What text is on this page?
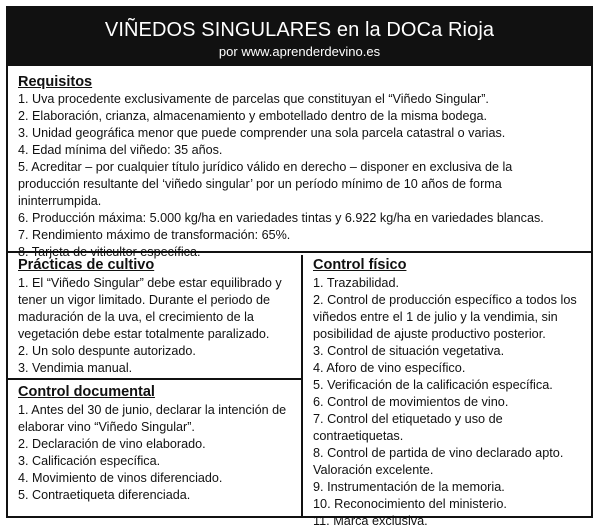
VIÑEDOS SINGULARES en la DOCa Rioja
por www.aprenderdevino.es
Requisitos
1. Uva procedente exclusivamente de parcelas que constituyan el “Viñedo Singular”.
2. Elaboración, crianza, almacenamiento y embotellado dentro de la misma bodega.
3. Unidad geográfica menor que puede comprender una sola parcela catastral o varias.
4. Edad mínima del viñedo: 35 años.
5. Acreditar – por cualquier título jurídico válido en derecho – disponer en exclusiva de la producción resultante del ‘viñedo singular’ por un período mínimo de 10 años de forma ininterrumpida.
6. Producción máxima: 5.000 kg/ha en variedades tintas y 6.922 kg/ha en variedades blancas.
7. Rendimiento máximo de transformación: 65%.
8. Tarjeta de viticultor específica.
Prácticas de cultivo
1. El “Viñedo Singular” debe estar equilibrado y tener un vigor limitado. Durante el periodo de maduración de la uva, el crecimiento de la vegetación debe estar totalmente paralizado.
2. Un solo despunte autorizado.
3. Vendimia manual.
Control documental
1. Antes del 30 de junio, declarar la intención de elaborar vino “Viñedo Singular”.
2. Declaración de vino elaborado.
3. Calificación específica.
4. Movimiento de vinos diferenciado.
5. Contraetiqueta diferenciada.
Control físico
1. Trazabilidad.
2. Control de producción específico a todos los viñedos entre el 1 de julio y la vendimia, sin posibilidad de ajuste productivo posterior.
3. Control de situación vegetativa.
4. Aforo de vino específico.
5. Verificación de la calificación específica.
6. Control de movimientos de vino.
7. Control del etiquetado y uso de contraetiquetas.
8. Control de partida de vino declarado apto. Valoración excelente.
9. Instrumentación de la memoria.
10. Reconocimiento del ministerio.
11. Marca exclusiva.
